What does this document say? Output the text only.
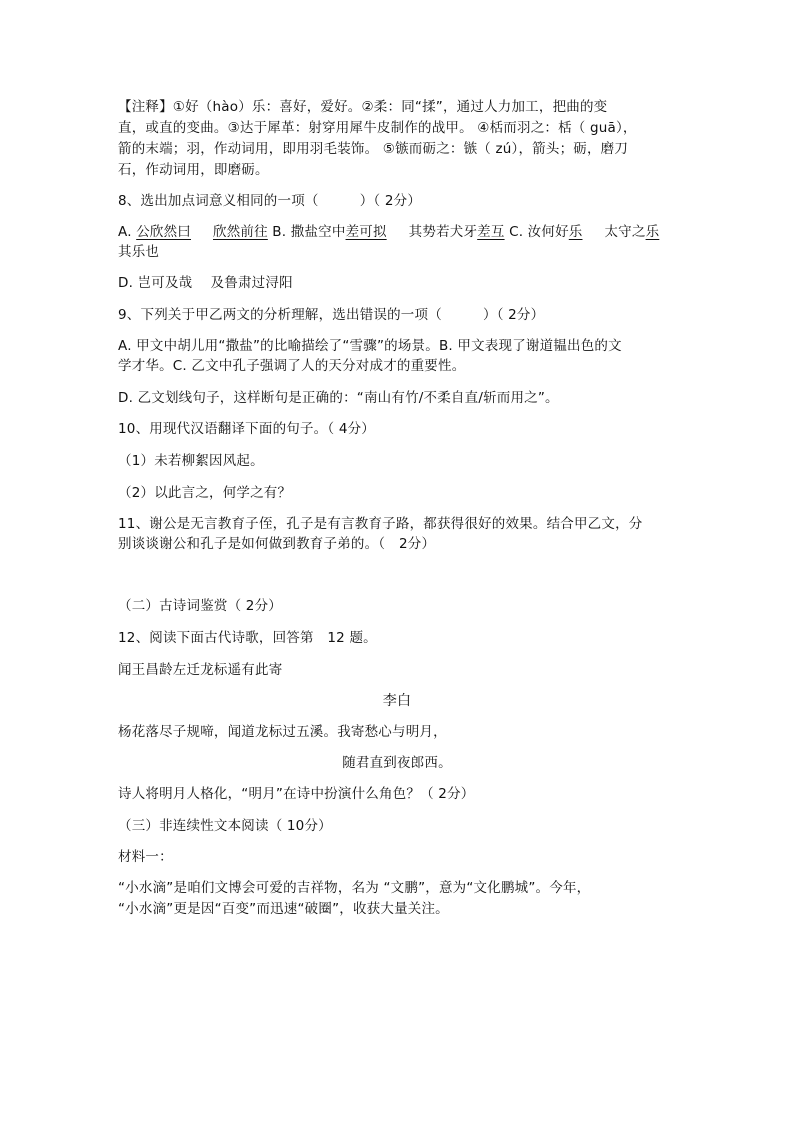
【注释】①好（hào）乐：喜好，爱好。②柔：同“揉”，通过人力加工，把曲的变
直，或直的变曲。③达于犀革：射穿用犀牛皮制作的战甲。 ④栝而羽之：栝（ guā），
箭的末端；羽，作动词用，即用羽毛装饰。 ⑤镞而砺之：镞（ zú），箭头；砺，磨刀
石，作动词用，即磨砺。
8、选出加点词意义相同的一项（　　　）（ 2分）
A. 公欣然曰 欣然前往 B. 撒盐空中差可拟 其势若犬牙差互 C. 汝何好乐 太守之乐
其乐也
D. 岂可及哉　 及鲁肃过浔阳
9、下列关于甲乙两文的分析理解，选出错误的一项（　　　）（ 2分）
A. 甲文中胡儿用“撒盐”的比喻描绘了“雪骤”的场景。B. 甲文表现了谢道韫出色的文
学才华。C. 乙文中孔子强调了人的天分对成才的重要性。
D. 乙文划线句子，这样断句是正确的：“南山有竹/不柔自直/斩而用之”。
10、用现代汉语翻译下面的句子。（ 4分）
（1）未若柳絮因风起。
（2）以此言之，何学之有？
11、谢公是无言教育子侄，孔子是有言教育子路，都获得很好的效果。结合甲乙文，分
别谈谈谢公和孔子是如何做到教育子弟的。（　2分）
（二）古诗词鉴赏（ 2分）
12、阅读下面古代诗歌，回答第　12 题。
闻王昌龄左迁龙标遥有此寄
李白
杨花落尽子规啼，闻道龙标过五溪。我寄愁心与明月，
随君直到夜郎西。
诗人将明月人格化，“明月”在诗中扮演什么角色？（ 2分）
（三）非连续性文本阅读（ 10分）
材料一：
“小水滴”是咱们文博会可爱的吉祥物，名为 “文鹏”，意为“文化鹏城”。今年，
“小水滴”更是因“百变”而迅速“破圈”，收获大量关注。
